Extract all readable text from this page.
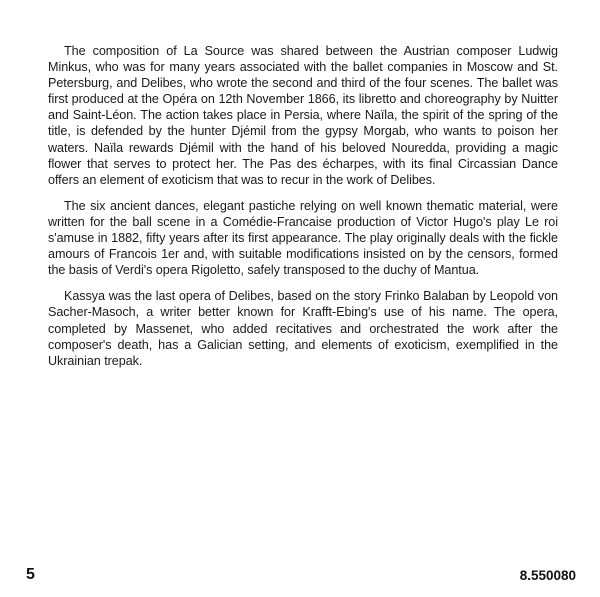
The composition of La Source was shared between the Austrian composer Ludwig Minkus, who was for many years associated with the ballet companies in Moscow and St. Petersburg, and Delibes, who wrote the second and third of the four scenes. The ballet was first produced at the Opéra on 12th November 1866, its libretto and choreography by Nuitter and Saint-Léon. The action takes place in Persia, where Naïla, the spirit of the spring of the title, is defended by the hunter Djémil from the gypsy Morgab, who wants to poison her waters. Naïla rewards Djémil with the hand of his beloved Nouredda, providing a magic flower that serves to protect her. The Pas des écharpes, with its final Circassian Dance offers an element of exoticism that was to recur in the work of Delibes.

The six ancient dances, elegant pastiche relying on well known thematic material, were written for the ball scene in a Comédie-Francaise production of Victor Hugo's play Le roi s'amuse in 1882, fifty years after its first appearance. The play originally deals with the fickle amours of Francois 1er and, with suitable modifications insisted on by the censors, formed the basis of Verdi's opera Rigoletto, safely transposed to the duchy of Mantua.

Kassya was the last opera of Delibes, based on the story Frinko Balaban by Leopold von Sacher-Masoch, a writer better known for Krafft-Ebing's use of his name. The opera, completed by Massenet, who added recitatives and orchestrated the work after the composer's death, has a Galician setting, and elements of exoticism, exemplified in the Ukrainian trepak.

5	8.550080
